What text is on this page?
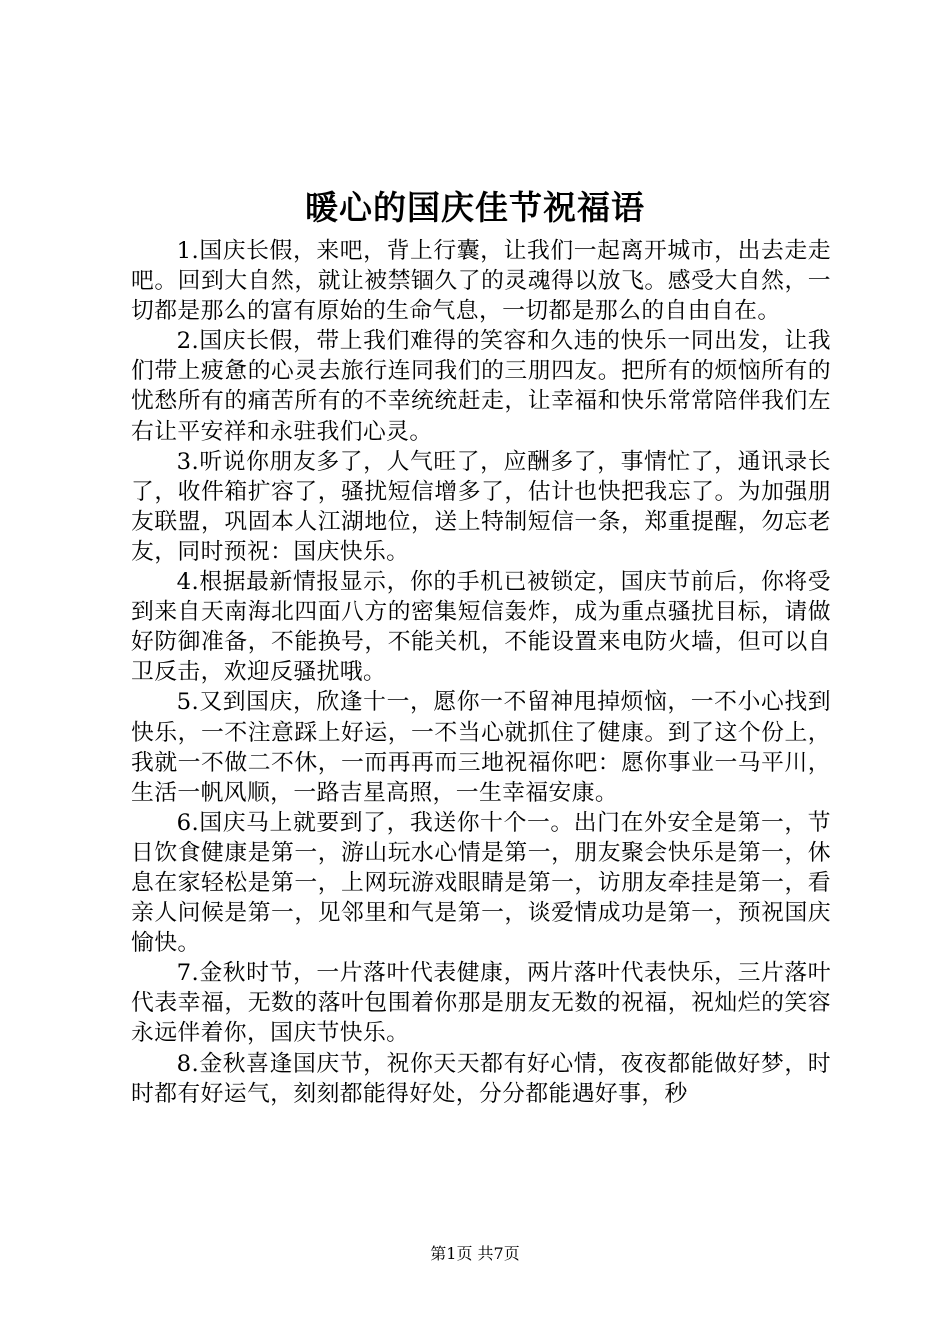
暖心的国庆佳节祝福语

1.国庆长假，来吧，背上行囊，让我们一起离开城市，出去走走吧。回到大自然，就让被禁锢久了的灵魂得以放飞。感受大自然，一切都是那么的富有原始的生命气息，一切都是那么的自由自在。

2.国庆长假，带上我们难得的笑容和久违的快乐一同出发，让我们带上疲惫的心灵去旅行连同我们的三朋四友。把所有的烦恼所有的忧愁所有的痛苦所有的不幸统统赶走，让幸福和快乐常常陪伴我们左右让平安祥和永驻我们心灵。

3.听说你朋友多了，人气旺了，应酬多了，事情忙了，通讯录长了，收件箱扩容了，骚扰短信增多了，估计也快把我忘了。为加强朋友联盟，巩固本人江湖地位，送上特制短信一条，郑重提醒，勿忘老友，同时预祝：国庆快乐。

4.根据最新情报显示，你的手机已被锁定，国庆节前后，你将受到来自天南海北四面八方的密集短信轰炸，成为重点骚扰目标，请做好防御准备，不能换号，不能关机，不能设置来电防火墙，但可以自卫反击，欢迎反骚扰哦。

5.又到国庆，欣逢十一，愿你一不留神甩掉烦恼，一不小心找到快乐，一不注意踩上好运，一不当心就抓住了健康。到了这个份上，我就一不做二不休，一而再再而三地祝福你吧：愿你事业一马平川，生活一帆风顺，一路吉星高照，一生幸福安康。

6.国庆马上就要到了，我送你十个一。出门在外安全是第一，节日饮食健康是第一，游山玩水心情是第一，朋友聚会快乐是第一，休息在家轻松是第一，上网玩游戏眼睛是第一，访朋友牵挂是第一，看亲人问候是第一，见邻里和气是第一，谈爱情成功是第一，预祝国庆愉快。

7.金秋时节，一片落叶代表健康，两片落叶代表快乐，三片落叶代表幸福，无数的落叶包围着你那是朋友无数的祝福，祝灿烂的笑容永远伴着你，国庆节快乐。

8.金秋喜逢国庆节，祝你天天都有好心情，夜夜都能做好梦，时时都有好运气，刻刻都能得好处，分分都能遇好事，秒

第1页 共7页
